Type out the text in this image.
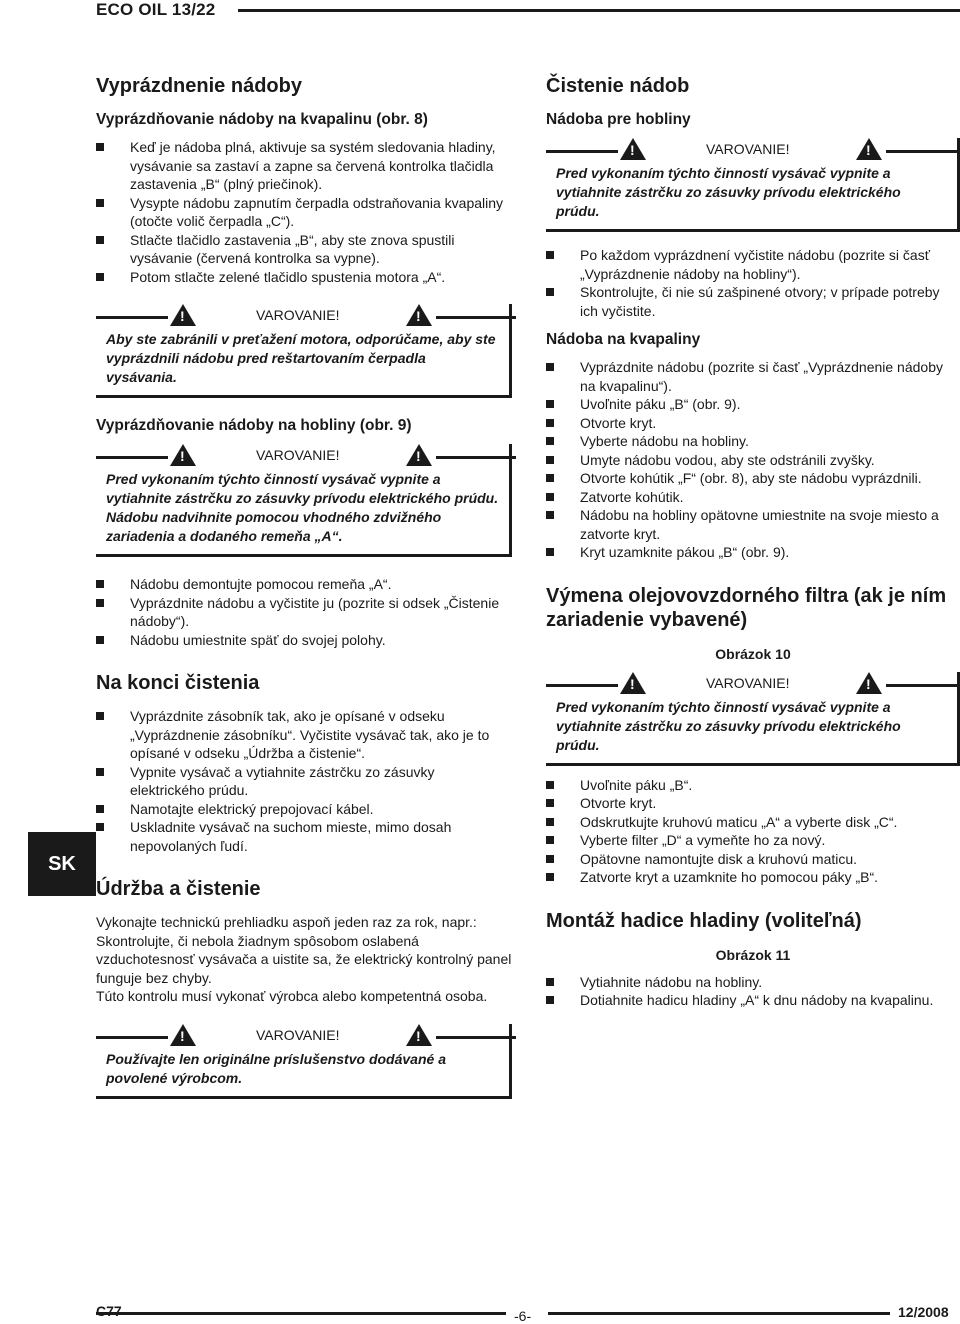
ECO OIL 13/22
SK
Vyprázdnenie nádoby
Vyprázdňovanie nádoby na kvapalinu (obr. 8)
Keď je nádoba plná, aktivuje sa systém sledovania hladiny, vysávanie sa zastaví a zapne sa červená kontrolka tlačidla zastavenia „B“ (plný priečinok).
Vysypte nádobu zapnutím čerpadla odstraňovania kvapaliny (otočte volič čerpadla „C“).
Stlačte tlačidlo zastavenia „B“, aby ste znova spustili vysávanie (červená kontrolka sa vypne).
Potom stlačte zelené tlačidlo spustenia motora „A“.
!
VAROVANIE!
!
Aby ste zabránili v preťažení motora, odporúčame, aby ste vyprázdnili nádobu pred reštartovaním čerpadla vysávania.
Vyprázdňovanie nádoby na hobliny (obr. 9)
!
VAROVANIE!
!
Pred vykonaním týchto činností vysávač vypnite a vytiahnite zástrčku zo zásuvky prívodu elektrického prúdu.
Nádobu nadvihnite pomocou vhodného zdvižného zariadenia a dodaného remeňa „A“.
Nádobu demontujte pomocou remeňa „A“.
Vyprázdnite nádobu a vyčistite ju (pozrite si odsek „Čistenie nádoby“).
Nádobu umiestnite späť do svojej polohy.
Na konci čistenia
Vyprázdnite zásobník tak, ako je opísané v odseku „Vyprázdnenie zásobníku“. Vyčistite vysávač tak, ako je to opísané v odseku „Údržba a čistenie“.
Vypnite vysávač a vytiahnite zástrčku zo zásuvky elektrického prúdu.
Namotajte elektrický prepojovací kábel.
Uskladnite vysávač na suchom mieste, mimo dosah nepovolaných ľudí.
Údržba a čistenie

Vykonajte technickú prehliadku aspoň jeden raz za rok, napr.: Skontrolujte, či nebola žiadnym spôsobom oslabená vzduchotesnosť vysávača a uistite sa, že elektrický kontrolný panel funguje bez chyby.

Túto kontrolu musí vykonať výrobca alebo kompetentná osoba.

!
VAROVANIE!
!
Používajte len originálne príslušenstvo dodávané a povolené výrobcom.
Čistenie nádob
Nádoba pre hobliny
!
VAROVANIE!
!
Pred vykonaním týchto činností vysávač vypnite a vytiahnite zástrčku zo zásuvky prívodu elektrického prúdu.
Po každom vyprázdnení vyčistite nádobu (pozrite si časť „Vyprázdnenie nádoby na hobliny“).
Skontrolujte, či nie sú zašpinené otvory; v prípade potreby ich vyčistite.
Nádoba na kvapaliny
Vyprázdnite nádobu (pozrite si časť „Vyprázdnenie nádoby na kvapalinu“).
Uvoľnite páku „B“ (obr. 9).
Otvorte kryt.
Vyberte nádobu na hobliny.
Umyte nádobu vodou, aby ste odstránili zvyšky.
Otvorte kohútik „F“ (obr. 8), aby ste nádobu vyprázdnili.
Zatvorte kohútik.
Nádobu na hobliny opätovne umiestnite na svoje miesto a zatvorte kryt.
Kryt uzamknite pákou „B“ (obr. 9).
Výmena olejovovzdorného filtra (ak je ním zariadenie vybavené)
Obrázok 10
!
VAROVANIE!
!
Pred vykonaním týchto činností vysávač vypnite a vytiahnite zástrčku zo zásuvky prívodu elektrického prúdu.
Uvoľnite páku „B“.
Otvorte kryt.
Odskrutkujte kruhovú maticu „A“ a vyberte disk „C“.
Vyberte filter „D“ a vymeňte ho za nový.
Opätovne namontujte disk a kruhovú maticu.
Zatvorte kryt a uzamknite ho pomocou páky „B“.
Montáž hadice hladiny (voliteľná)
Obrázok 11
Vytiahnite nádobu na hobliny.
Dotiahnite hadicu hladiny „A“ k dnu nádoby na kvapalinu.
C77	-6-	12/2008
